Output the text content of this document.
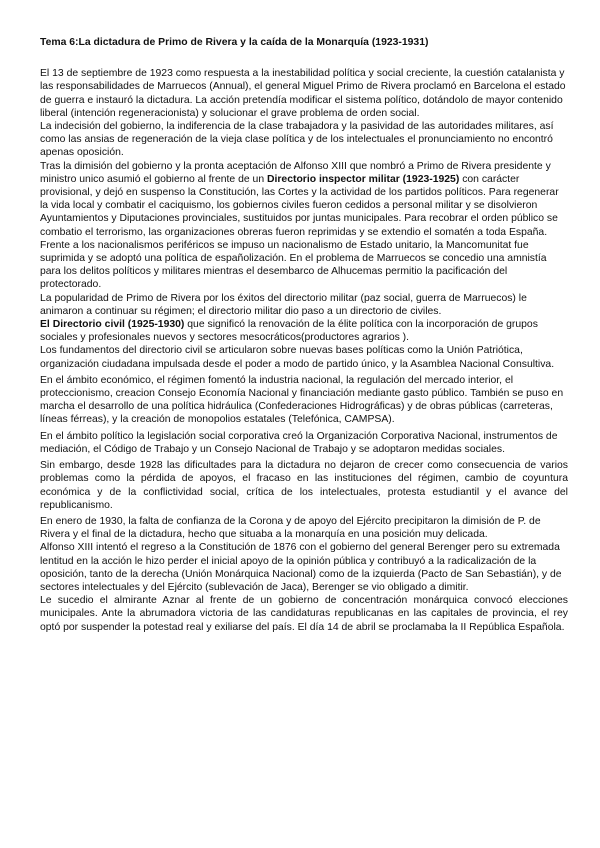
Tema 6:La dictadura de Primo de Rivera y la caída de la Monarquía (1923-1931)

El 13 de septiembre de 1923 como respuesta a la inestabilidad política y social creciente, la cuestión catalanista y las responsabilidades de Marruecos (Annual), el general Miguel Primo de Rivera proclamó en Barcelona el estado de guerra e instauró la dictadura. La acción pretendía modificar el sistema político, dotándolo de mayor contenido liberal (intención regeneracionista) y solucionar el grave problema de orden social.

La indecisión del gobierno, la indiferencia de la clase trabajadora y la pasividad de las autoridades militares, así como las ansias de regeneración de la vieja clase política y de los intelectuales el pronunciamiento no encontró apenas oposición.

Tras la dimisión del gobierno y la pronta aceptación de Alfonso XIII que nombró a Primo de Rivera presidente y ministro unico asumió el gobierno al frente de un Directorio inspector militar (1923-1925) con carácter provisional, y dejó en suspenso la Constitución, las Cortes y la actividad de los partidos políticos. Para regenerar la vida local y combatir el caciquismo, los gobiernos civiles fueron cedidos a personal militar y se disolvieron Ayuntamientos y Diputaciones provinciales, sustituidos por juntas municipales. Para recobrar el orden público se combatio el terrorismo, las organizaciones obreras fueron reprimidas y se extendio el somatén a toda España. Frente a los nacionalismos periféricos se impuso un nacionalismo de Estado unitario, la Mancomunitat fue suprimida y se adoptó una política de españolización. En el problema de Marruecos se concedio una amnistía para los delitos políticos y militares mientras el desembarco de Alhucemas permitio la pacificación del protectorado.

La popularidad de Primo de Rivera por los éxitos del directorio militar (paz social, guerra de Marruecos) le animaron a continuar su régimen; el directorio militar dio paso a un directorio de civiles.

El Directorio civil (1925-1930) que significó la renovación de la élite política con la incorporación de grupos sociales y profesionales nuevos y sectores mesocráticos(productores agrarios ).

Los fundamentos del directorio civil se articularon sobre nuevas bases políticas como la Unión Patriótica, organización ciudadana impulsada desde el poder a modo de partido único, y la Asamblea Nacional Consultiva.

En el ámbito económico, el régimen fomentó la industria nacional, la regulación del mercado interior, el proteccionismo, creacion Consejo Economía Nacional y financiación mediante gasto público. También se puso en marcha el desarrollo de una política hidráulica (Confederaciones Hidrográficas) y de obras públicas (carreteras, líneas férreas), y la creación de monopolios estatales (Telefónica, CAMPSA).

En el ámbito político la legislación social corporativa creó la Organización Corporativa Nacional, instrumentos de mediación, el Código de Trabajo y un Consejo Nacional de Trabajo y se adoptaron medidas sociales.

Sin embargo, desde 1928 las dificultades para la dictadura no dejaron de crecer como consecuencia de varios problemas como la pérdida de apoyos, el fracaso en las instituciones del régimen, cambio de coyuntura económica y de la conflictividad social, crítica de los intelectuales, protesta estudiantil y el avance del republicanismo.

En enero de 1930, la falta de confianza de la Corona y de apoyo del Ejército precipitaron la dimisión de P. de Rivera y el final de la dictadura, hecho que situaba a la monarquía en una posición muy delicada.

Alfonso XIII intentó el regreso a la Constitución de 1876 con el gobierno del general Berenger pero su extremada lentitud en la acción le hizo perder el inicial apoyo de la opinión pública y contribuyó a la radicalización de la oposición, tanto de la derecha (Unión Monárquica Nacional) como de la izquierda (Pacto de San Sebastián), y de sectores intelectuales y del Ejército (sublevación de Jaca), Berenger se vio obligado a dimitir.

Le sucedio el almirante Aznar al frente de un gobierno de concentración monárquica convocó elecciones municipales. Ante la abrumadora victoria de las candidaturas republicanas en las capitales de provincia, el rey optó por suspender la potestad real y exiliarse del país. El día 14 de abril se proclamaba la II República Española.
